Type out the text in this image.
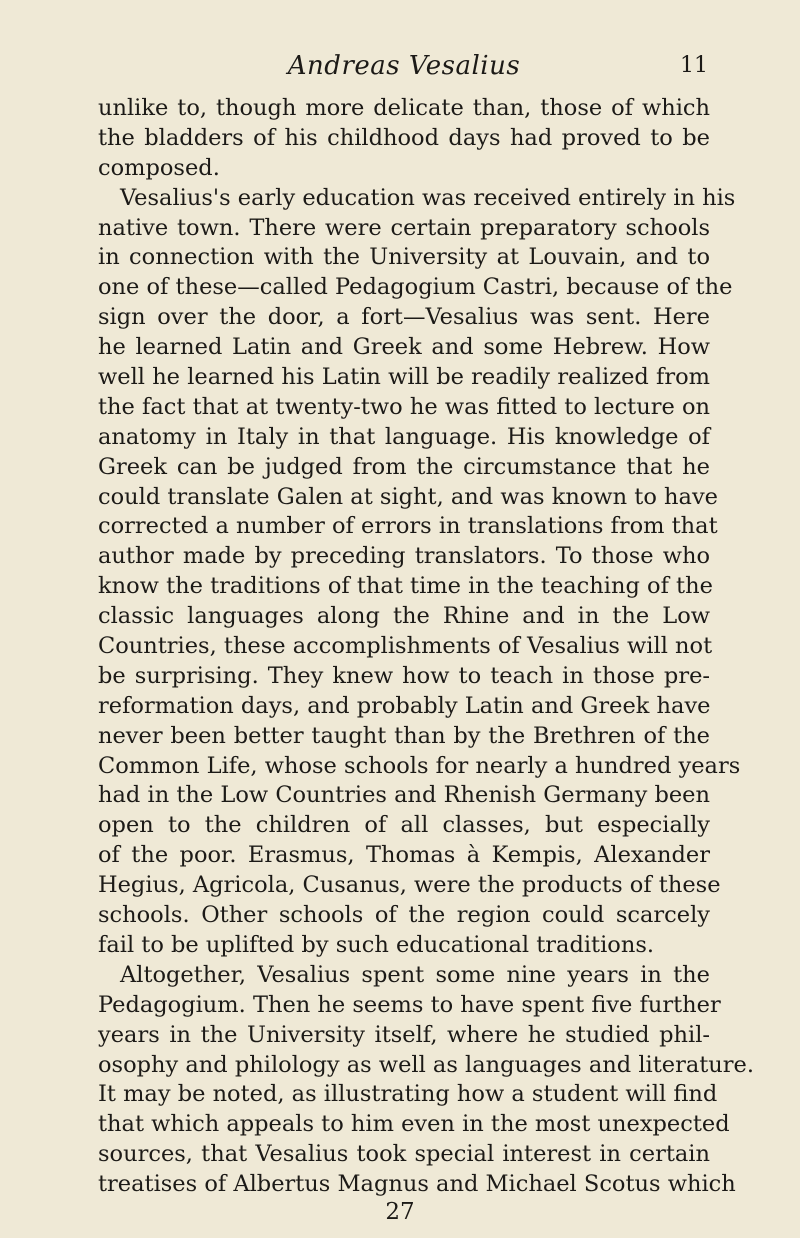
Andreas Vesalius	11
unlike to, though more delicate than, those of which
the bladders of his childhood days had proved to be
composed.
Vesalius's early education was received entirely in his
native town. There were certain preparatory schools
in connection with the University at Louvain, and to
one of these—called Pedagogium Castri, because of the
sign over the door, a fort—Vesalius was sent. Here
he learned Latin and Greek and some Hebrew. How
well he learned his Latin will be readily realized from
the fact that at twenty-two he was fitted to lecture on
anatomy in Italy in that language. His knowledge of
Greek can be judged from the circumstance that he
could translate Galen at sight, and was known to have
corrected a number of errors in translations from that
author made by preceding translators. To those who
know the traditions of that time in the teaching of the
classic languages along the Rhine and in the Low
Countries, these accomplishments of Vesalius will not
be surprising. They knew how to teach in those pre-
reformation days, and probably Latin and Greek have
never been better taught than by the Brethren of the
Common Life, whose schools for nearly a hundred years
had in the Low Countries and Rhenish Germany been
open to the children of all classes, but especially
of the poor. Erasmus, Thomas à Kempis, Alexander
Hegius, Agricola, Cusanus, were the products of these
schools. Other schools of the region could scarcely
fail to be uplifted by such educational traditions.
Altogether, Vesalius spent some nine years in the
Pedagogium. Then he seems to have spent five further
years in the University itself, where he studied phil-
osophy and philology as well as languages and literature.
It may be noted, as illustrating how a student will find
that which appeals to him even in the most unexpected
sources, that Vesalius took special interest in certain
treatises of Albertus Magnus and Michael Scotus which
27
